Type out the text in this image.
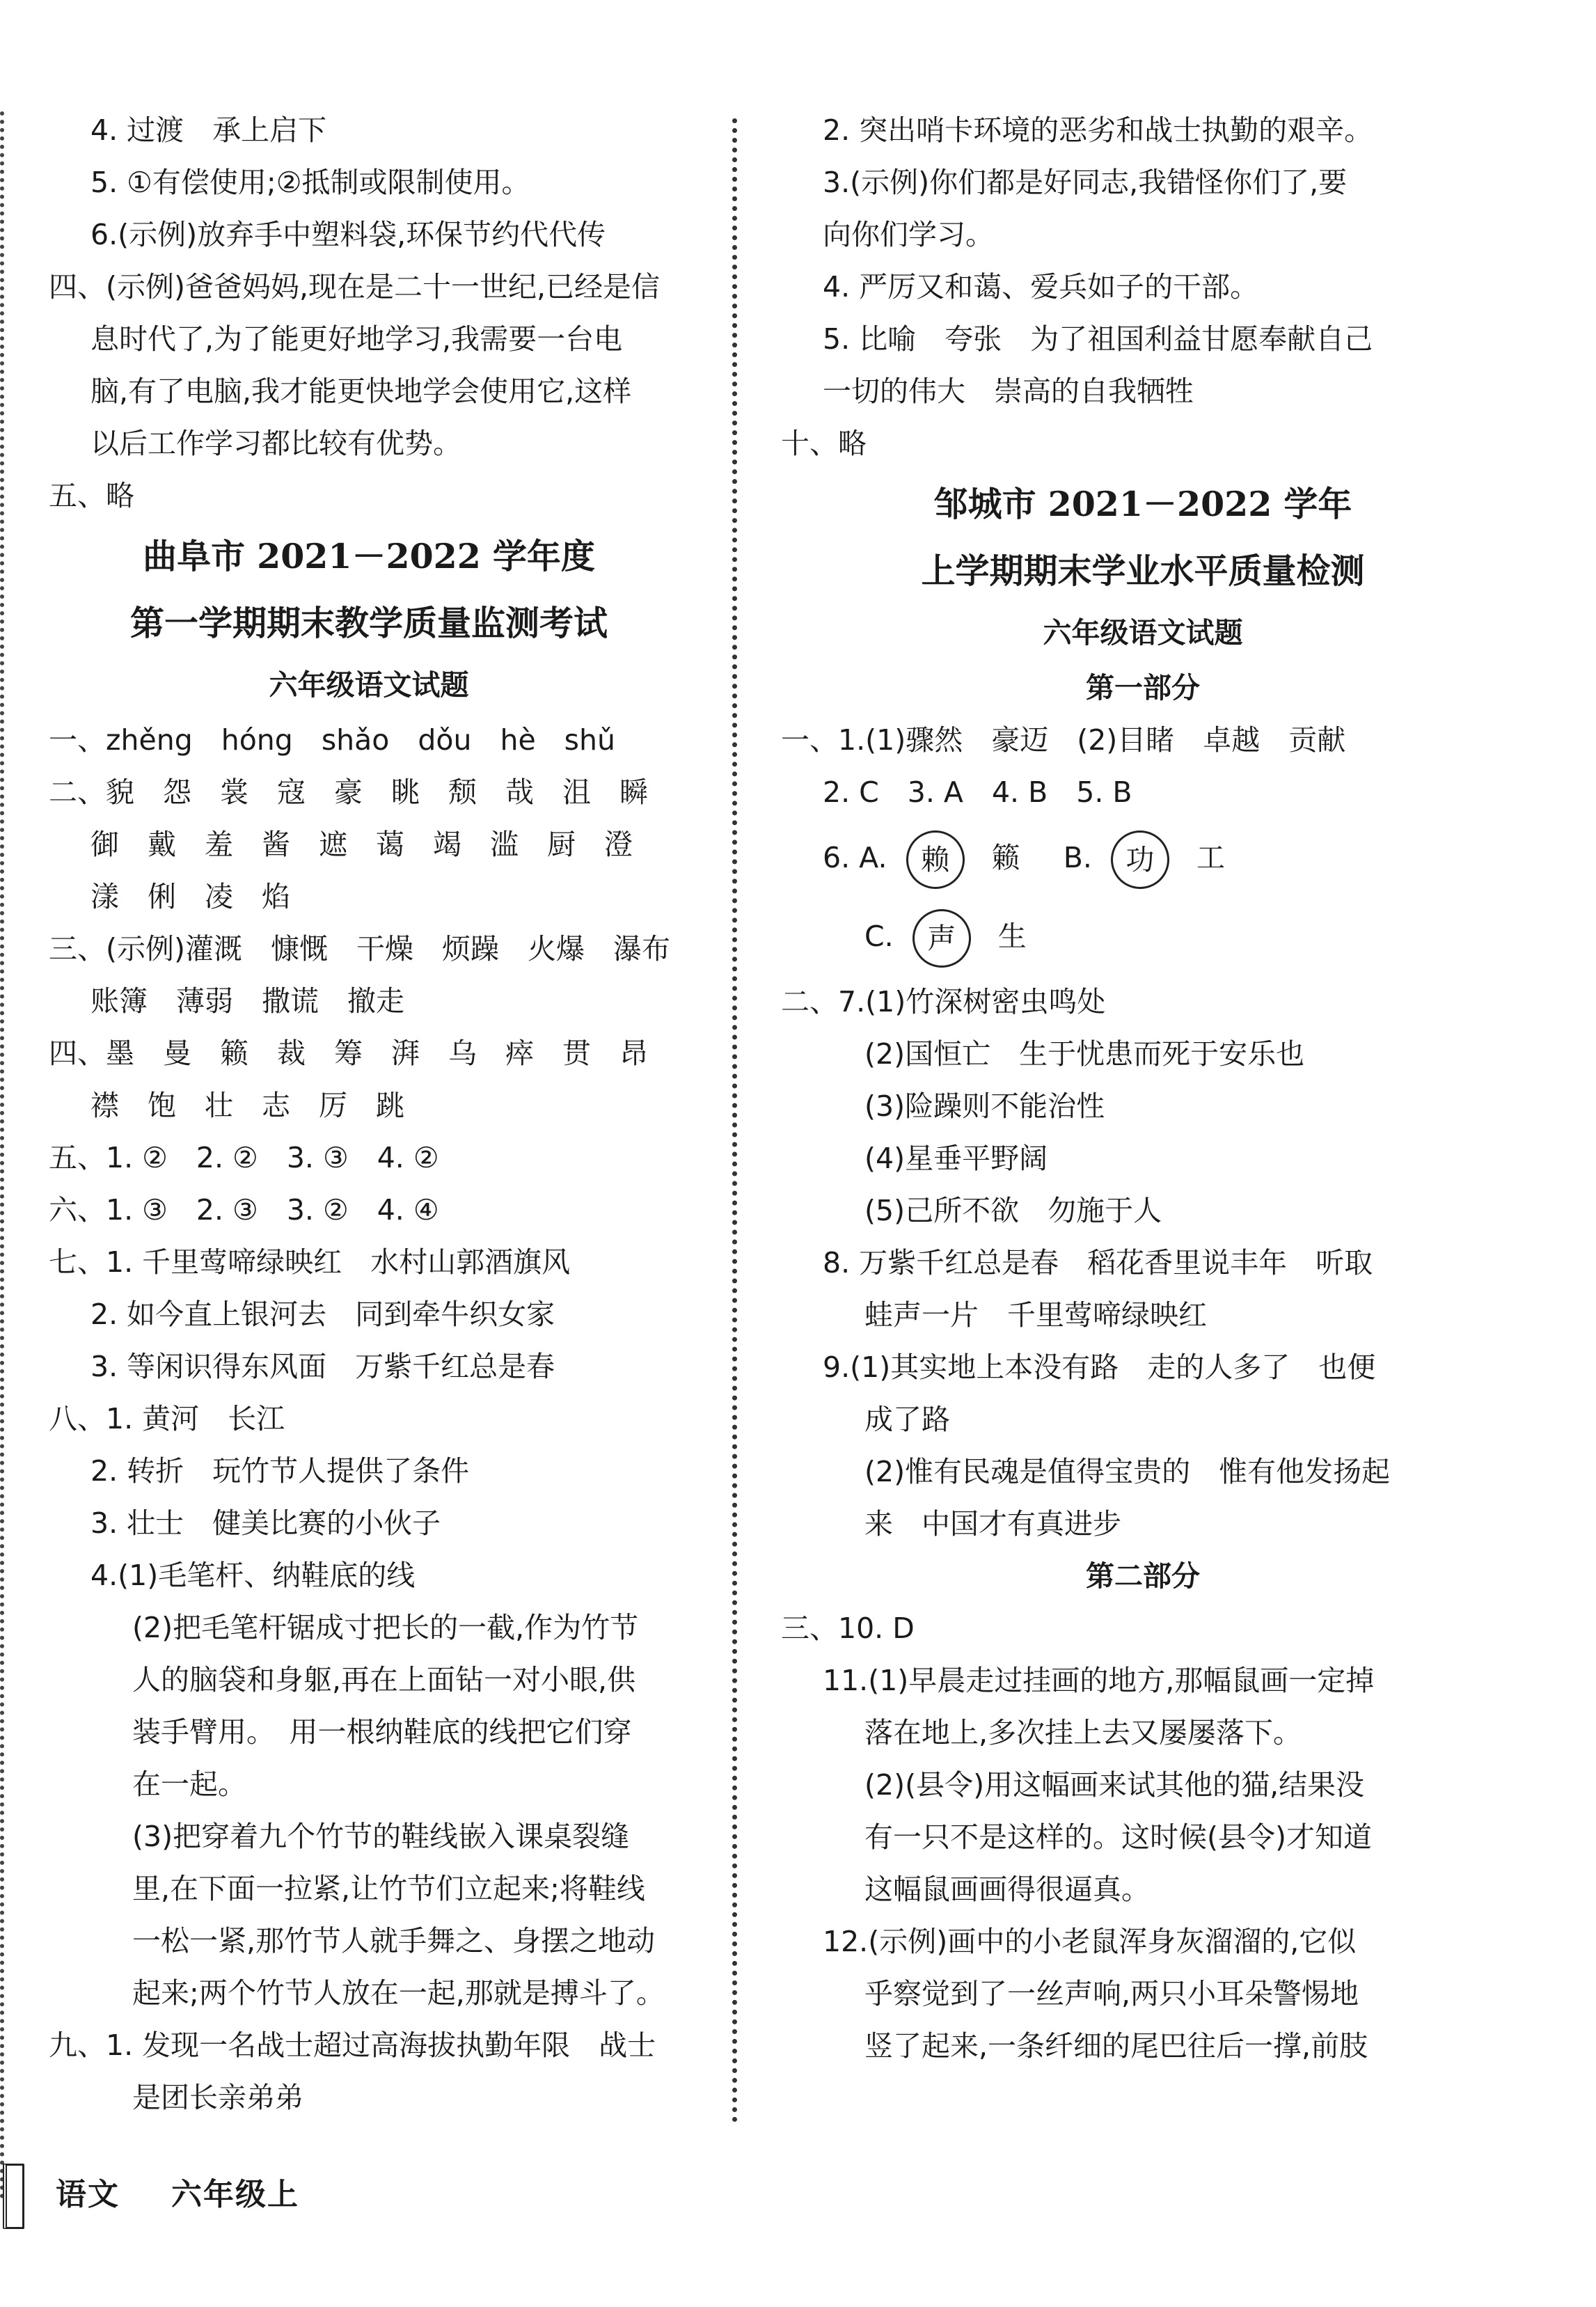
4. 过渡　承上启下
5. ①有偿使用;②抵制或限制使用。
6.(示例)放弃手中塑料袋,环保节约代代传
四、(示例)爸爸妈妈,现在是二十一世纪,已经是信
息时代了,为了能更好地学习,我需要一台电
脑,有了电脑,我才能更快地学会使用它,这样
以后工作学习都比较有优势。
五、略
曲阜市 2021－2022 学年度
第一学期期末教学质量监测考试
六年级语文试题
一、zhěng　hóng　shǎo　dǒu　hè　shǔ
二、貌　怨　裳　寇　豪　眺　颓　哉　沮　瞬
御　戴　羞　酱　遮　蔼　竭　滥　厨　澄
漾　俐　凌　焰
三、(示例)灌溉　慷慨　干燥　烦躁　火爆　瀑布
账簿　薄弱　撒谎　撤走
四、墨　曼　籁　裁　筹　湃　乌　瘁　贯　昂
襟　饱　壮　志　厉　跳
五、1. ②　2. ②　3. ③　4. ②
六、1. ③　2. ③　3. ②　4. ④
七、1. 千里莺啼绿映红　水村山郭酒旗风
2. 如今直上银河去　同到牵牛织女家
3. 等闲识得东风面　万紫千红总是春
八、1. 黄河　长江
2. 转折　玩竹节人提供了条件
3. 壮士　健美比赛的小伙子
4.(1)毛笔杆、纳鞋底的线
(2)把毛笔杆锯成寸把长的一截,作为竹节
人的脑袋和身躯,再在上面钻一对小眼,供
装手臂用。　用一根纳鞋底的线把它们穿
在一起。
(3)把穿着九个竹节的鞋线嵌入课桌裂缝
里,在下面一拉紧,让竹节们立起来;将鞋线
一松一紧,那竹节人就手舞之、身摆之地动
起来;两个竹节人放在一起,那就是搏斗了。
九、1. 发现一名战士超过高海拔执勤年限　战士
是团长亲弟弟
2. 突出哨卡环境的恶劣和战士执勤的艰辛。
3.(示例)你们都是好同志,我错怪你们了,要
向你们学习。
4. 严厉又和蔼、爱兵如子的干部。
5. 比喻　夸张　为了祖国利益甘愿奉献自己
一切的伟大　崇高的自我牺牲
十、略
邹城市 2021－2022 学年
上学期期末学业水平质量检测
六年级语文试题
第一部分
一、1.(1)骤然　豪迈　(2)目睹　卓越　贡献
2. C　3. A　4. B　5. B
6. A. 赖 籁 B. 功 工
C. 声 生
二、7.(1)竹深树密虫鸣处
(2)国恒亡　生于忧患而死于安乐也
(3)险躁则不能治性
(4)星垂平野阔
(5)己所不欲　勿施于人
8. 万紫千红总是春　稻花香里说丰年　听取
蛙声一片　千里莺啼绿映红
9.(1)其实地上本没有路　走的人多了　也便
成了路
(2)惟有民魂是值得宝贵的　惟有他发扬起
来　中国才有真进步
第二部分
三、10. D
11.(1)早晨走过挂画的地方,那幅鼠画一定掉
落在地上,多次挂上去又屡屡落下。
(2)(县令)用这幅画来试其他的猫,结果没
有一只不是这样的。这时候(县令)才知道
这幅鼠画画得很逼真。
12.(示例)画中的小老鼠浑身灰溜溜的,它似
乎察觉到了一丝声响,两只小耳朵警惕地
竖了起来,一条纤细的尾巴往后一撑,前肢
语文 六年级上
